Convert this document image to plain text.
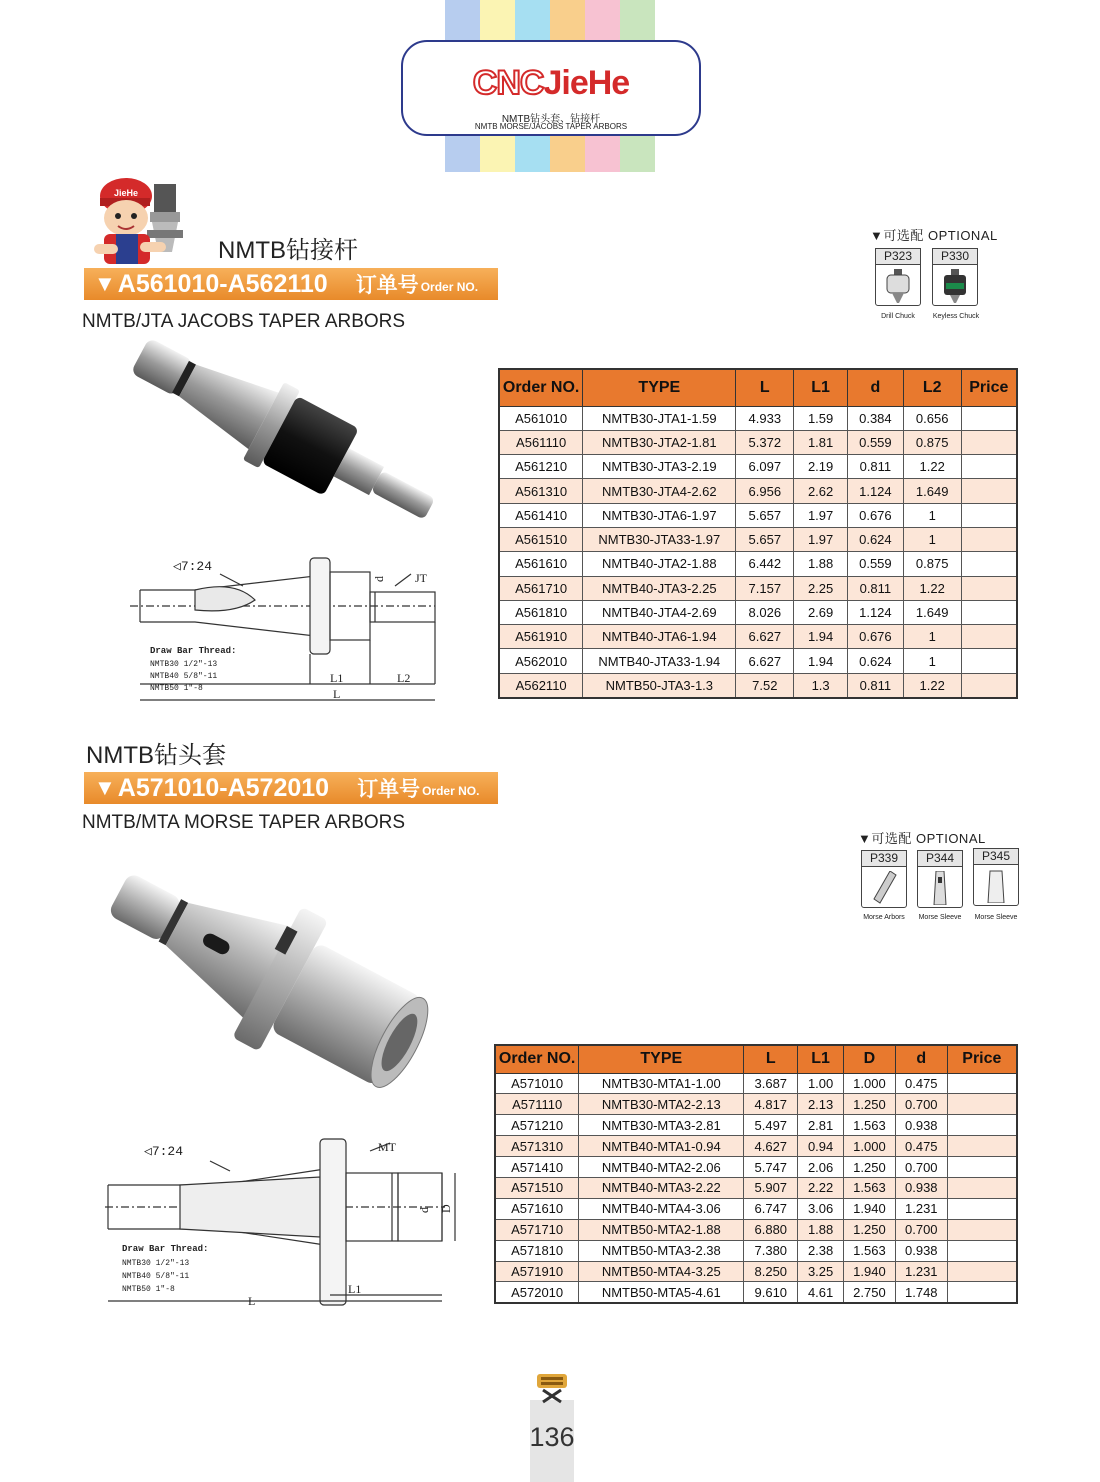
CNCJieHe
NMTB钻头套、钻接杆
NMTB MORSE/JACOBS TAPER ARBORS
JieHe
NMTB钻接杆
▼ A561010-A562110 订单号 Order NO.
NMTB/JTA JACOBS TAPER ARBORS
▼可选配 OPTIONAL
P323
Drill Chuck
P330
Keyless Chuck
◁7:24
d JT
L1	L2
L
Draw Bar Thread:
NMTB30 1/2"-13
NMTB40 5/8"-11
NMTB50 1"-8
Order NO.	TYPE	L	L1	d	L2	Price
A561010	NMTB30-JTA1-1.59	4.933	1.59	0.384	0.656	
A561110	NMTB30-JTA2-1.81	5.372	1.81	0.559	0.875	
A561210	NMTB30-JTA3-2.19	6.097	2.19	0.811	1.22	
A561310	NMTB30-JTA4-2.62	6.956	2.62	1.124	1.649	
A561410	NMTB30-JTA6-1.97	5.657	1.97	0.676	1	
A561510	NMTB30-JTA33-1.97	5.657	1.97	0.624	1	
A561610	NMTB40-JTA2-1.88	6.442	1.88	0.559	0.875	
A561710	NMTB40-JTA3-2.25	7.157	2.25	0.811	1.22	
A561810	NMTB40-JTA4-2.69	8.026	2.69	1.124	1.649	
A561910	NMTB40-JTA6-1.94	6.627	1.94	0.676	1	
A562010	NMTB40-JTA33-1.94	6.627	1.94	0.624	1	
A562110	NMTB50-JTA3-1.3	7.52	1.3	0.811	1.22	
NMTB钻头套
▼ A571010-A572010 订单号 Order NO.
NMTB/MTA MORSE TAPER ARBORS
▼可选配 OPTIONAL
P339
Morse Arbors
P344
Morse Sleeve
P345
Morse Sleeve
◁7:24	MT
d D
L1
L
Draw Bar Thread:
NMTB30 1/2"-13
NMTB40 5/8"-11
NMTB50 1"-8
Order NO.	TYPE	L	L1	D	d	Price
A571010	NMTB30-MTA1-1.00	3.687	1.00	1.000	0.475	
A571110	NMTB30-MTA2-2.13	4.817	2.13	1.250	0.700	
A571210	NMTB30-MTA3-2.81	5.497	2.81	1.563	0.938	
A571310	NMTB40-MTA1-0.94	4.627	0.94	1.000	0.475	
A571410	NMTB40-MTA2-2.06	5.747	2.06	1.250	0.700	
A571510	NMTB40-MTA3-2.22	5.907	2.22	1.563	0.938	
A571610	NMTB40-MTA4-3.06	6.747	3.06	1.940	1.231	
A571710	NMTB50-MTA2-1.88	6.880	1.88	1.250	0.700	
A571810	NMTB50-MTA3-2.38	7.380	2.38	1.563	0.938	
A571910	NMTB50-MTA4-3.25	8.250	3.25	1.940	1.231	
A572010	NMTB50-MTA5-4.61	9.610	4.61	2.750	1.748	
136
